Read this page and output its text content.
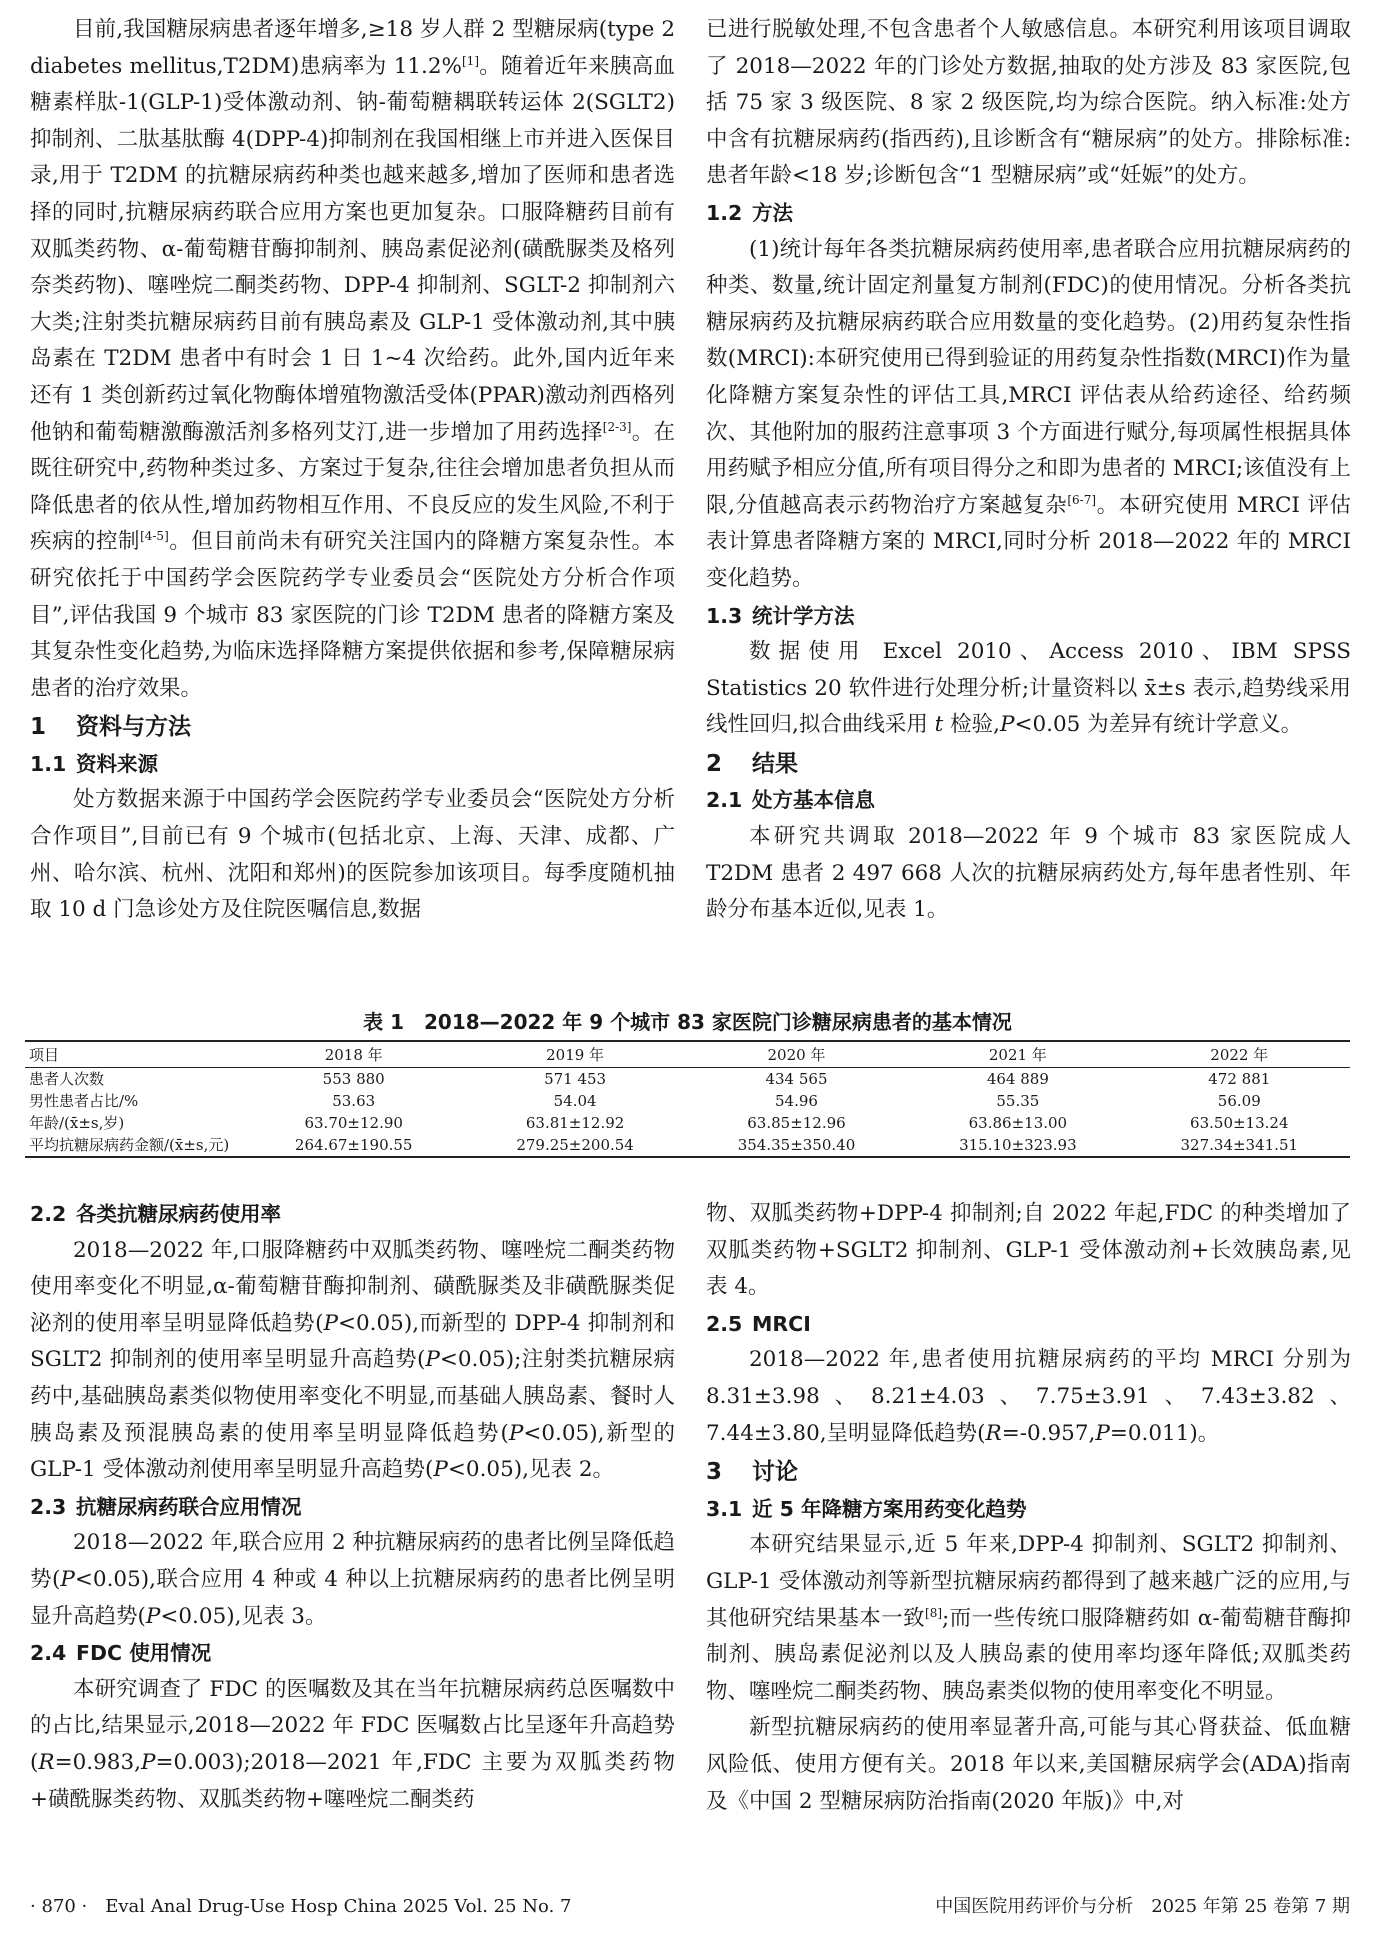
目前,我国糖尿病患者逐年增多,≥18 岁人群 2 型糖尿病(type 2 diabetes mellitus,T2DM)患病率为 11.2%[1]。随着近年来胰高血糖素样肽-1(GLP-1)受体激动剂、钠-葡萄糖耦联转运体 2(SGLT2)抑制剂、二肽基肽酶 4(DPP-4)抑制剂在我国相继上市并进入医保目录,用于 T2DM 的抗糖尿病药种类也越来越多,增加了医师和患者选择的同时,抗糖尿病药联合应用方案也更加复杂。口服降糖药目前有双胍类药物、α-葡萄糖苷酶抑制剂、胰岛素促泌剂(磺酰脲类及格列奈类药物)、噻唑烷二酮类药物、DPP-4 抑制剂、SGLT-2 抑制剂六大类;注射类抗糖尿病药目前有胰岛素及 GLP-1 受体激动剂,其中胰岛素在 T2DM 患者中有时会 1 日 1~4 次给药。此外,国内近年来还有 1 类创新药过氧化物酶体增殖物激活受体(PPAR)激动剂西格列他钠和葡萄糖激酶激活剂多格列艾汀,进一步增加了用药选择[2-3]。在既往研究中,药物种类过多、方案过于复杂,往往会增加患者负担从而降低患者的依从性,增加药物相互作用、不良反应的发生风险,不利于疾病的控制[4-5]。但目前尚未有研究关注国内的降糖方案复杂性。本研究依托于中国药学会医院药学专业委员会“医院处方分析合作项目”,评估我国 9 个城市 83 家医院的门诊 T2DM 患者的降糖方案及其复杂性变化趋势,为临床选择降糖方案提供依据和参考,保障糖尿病患者的治疗效果。

1 资料与方法
1.1 资料来源

处方数据来源于中国药学会医院药学专业委员会“医院处方分析合作项目”,目前已有 9 个城市(包括北京、上海、天津、成都、广州、哈尔滨、杭州、沈阳和郑州)的医院参加该项目。每季度随机抽取 10 d 门急诊处方及住院医嘱信息,数据

已进行脱敏处理,不包含患者个人敏感信息。本研究利用该项目调取了 2018—2022 年的门诊处方数据,抽取的处方涉及 83 家医院,包括 75 家 3 级医院、8 家 2 级医院,均为综合医院。纳入标准:处方中含有抗糖尿病药(指西药),且诊断含有“糖尿病”的处方。排除标准:患者年龄<18 岁;诊断包含“1 型糖尿病”或“妊娠”的处方。

1.2 方法

(1)统计每年各类抗糖尿病药使用率,患者联合应用抗糖尿病药的种类、数量,统计固定剂量复方制剂(FDC)的使用情况。分析各类抗糖尿病药及抗糖尿病药联合应用数量的变化趋势。(2)用药复杂性指数(MRCI):本研究使用已得到验证的用药复杂性指数(MRCI)作为量化降糖方案复杂性的评估工具,MRCI 评估表从给药途径、给药频次、其他附加的服药注意事项 3 个方面进行赋分,每项属性根据具体用药赋予相应分值,所有项目得分之和即为患者的 MRCI;该值没有上限,分值越高表示药物治疗方案越复杂[6-7]。本研究使用 MRCI 评估表计算患者降糖方案的 MRCI,同时分析 2018—2022 年的 MRCI 变化趋势。

1.3 统计学方法

数据使用 Excel 2010、Access 2010、IBM SPSS Statistics 20 软件进行处理分析;计量资料以 x̄±s 表示,趋势线采用线性回归,拟合曲线采用 t 检验,P<0.05 为差异有统计学意义。

2 结果
2.1 处方基本信息

本研究共调取 2018—2022 年 9 个城市 83 家医院成人 T2DM 患者 2 497 668 人次的抗糖尿病药处方,每年患者性别、年龄分布基本近似,见表 1。

表 1　2018—2022 年 9 个城市 83 家医院门诊糖尿病患者的基本情况
项目	2018 年	2019 年	2020 年	2021 年	2022 年
患者人次数	553 880	571 453	434 565	464 889	472 881
男性患者占比/%	53.63	54.04	54.96	55.35	56.09
年龄/(x̄±s,岁)	63.70±12.90	63.81±12.92	63.85±12.96	63.86±13.00	63.50±13.24
平均抗糖尿病药金额/(x̄±s,元)	264.67±190.55	279.25±200.54	354.35±350.40	315.10±323.93	327.34±341.51
2.2 各类抗糖尿病药使用率

2018—2022 年,口服降糖药中双胍类药物、噻唑烷二酮类药物使用率变化不明显,α-葡萄糖苷酶抑制剂、磺酰脲类及非磺酰脲类促泌剂的使用率呈明显降低趋势(P<0.05),而新型的 DPP-4 抑制剂和 SGLT2 抑制剂的使用率呈明显升高趋势(P<0.05);注射类抗糖尿病药中,基础胰岛素类似物使用率变化不明显,而基础人胰岛素、餐时人胰岛素及预混胰岛素的使用率呈明显降低趋势(P<0.05),新型的 GLP-1 受体激动剂使用率呈明显升高趋势(P<0.05),见表 2。

2.3 抗糖尿病药联合应用情况

2018—2022 年,联合应用 2 种抗糖尿病药的患者比例呈降低趋势(P<0.05),联合应用 4 种或 4 种以上抗糖尿病药的患者比例呈明显升高趋势(P<0.05),见表 3。

2.4 FDC 使用情况

本研究调查了 FDC 的医嘱数及其在当年抗糖尿病药总医嘱数中的占比,结果显示,2018—2022 年 FDC 医嘱数占比呈逐年升高趋势(R=0.983,P=0.003);2018—2021 年,FDC 主要为双胍类药物+磺酰脲类药物、双胍类药物+噻唑烷二酮类药

物、双胍类药物+DPP-4 抑制剂;自 2022 年起,FDC 的种类增加了双胍类药物+SGLT2 抑制剂、GLP-1 受体激动剂+长效胰岛素,见表 4。

2.5 MRCI

2018—2022 年,患者使用抗糖尿病药的平均 MRCI 分别为 8.31±3.98、8.21±4.03、7.75±3.91、7.43±3.82、7.44±3.80,呈明显降低趋势(R=-0.957,P=0.011)。

3 讨论
3.1 近 5 年降糖方案用药变化趋势

本研究结果显示,近 5 年来,DPP-4 抑制剂、SGLT2 抑制剂、GLP-1 受体激动剂等新型抗糖尿病药都得到了越来越广泛的应用,与其他研究结果基本一致[8];而一些传统口服降糖药如 α-葡萄糖苷酶抑制剂、胰岛素促泌剂以及人胰岛素的使用率均逐年降低;双胍类药物、噻唑烷二酮类药物、胰岛素类似物的使用率变化不明显。

新型抗糖尿病药的使用率显著升高,可能与其心肾获益、低血糖风险低、使用方便有关。2018 年以来,美国糖尿病学会(ADA)指南及《中国 2 型糖尿病防治指南(2020 年版)》中,对

· 870 ·　Eval Anal Drug-Use Hosp China 2025 Vol. 25 No. 7	中国医院用药评价与分析　2025 年第 25 卷第 7 期
